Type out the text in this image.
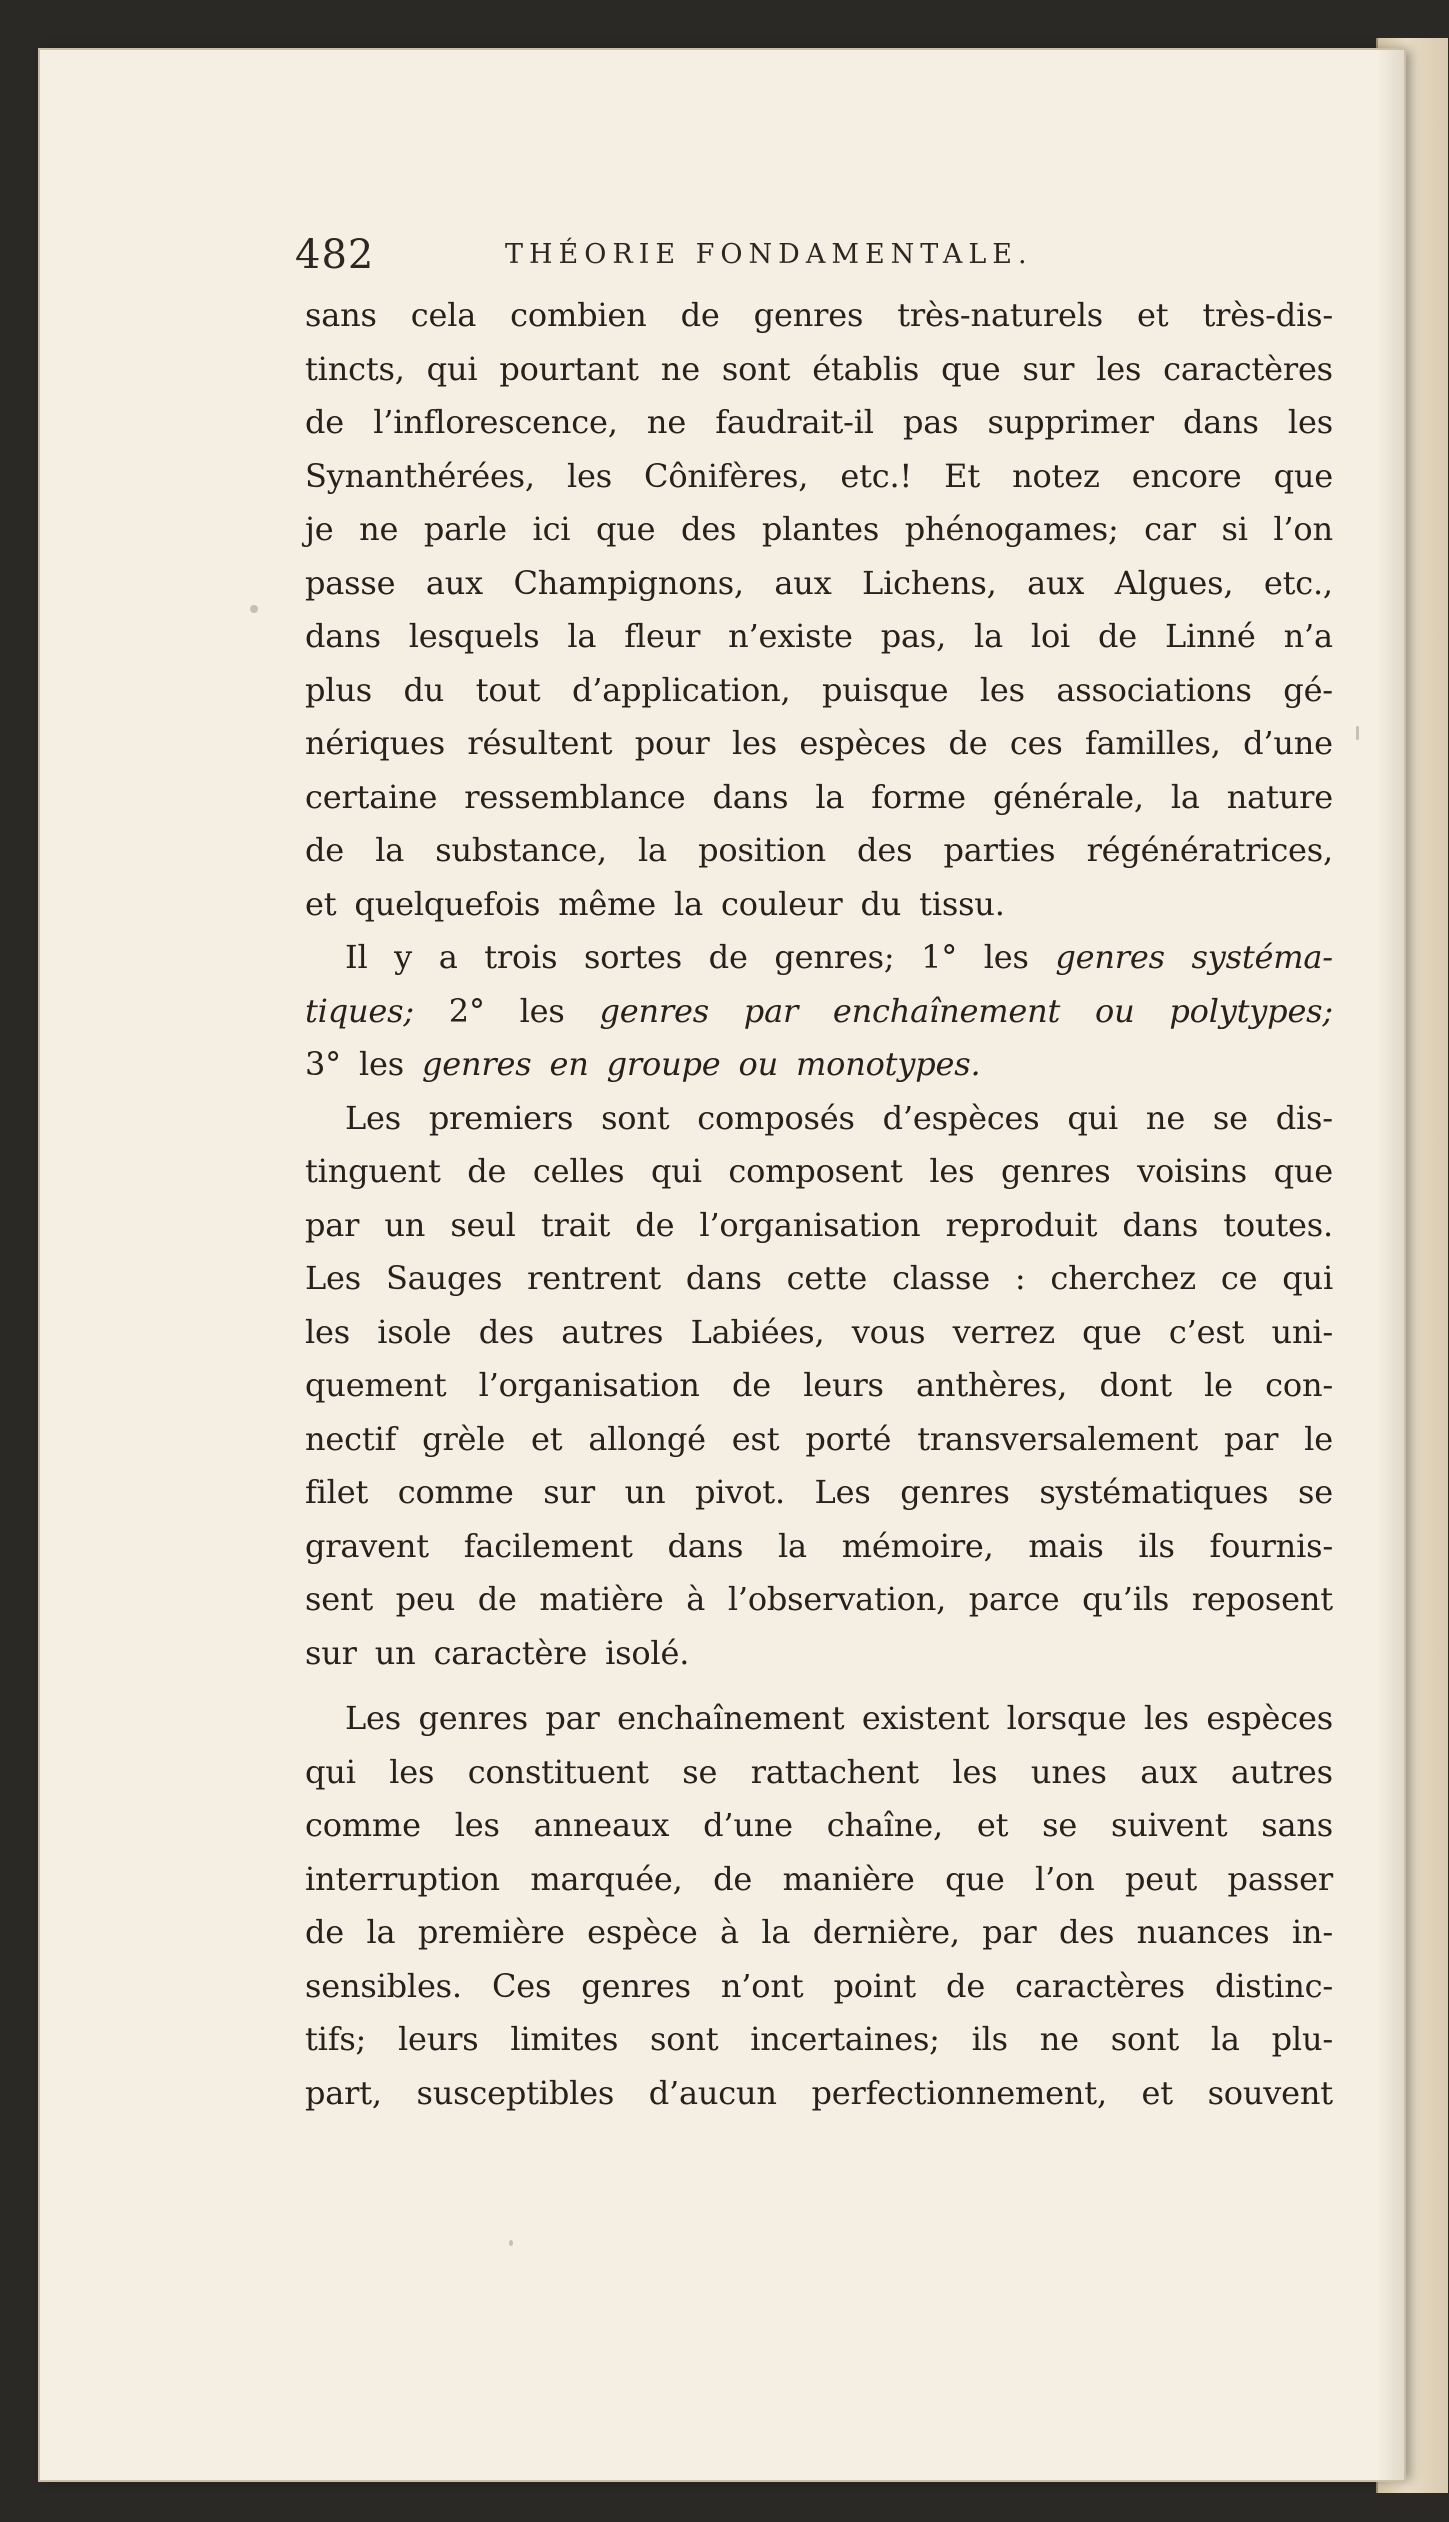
482	THÉORIE FONDAMENTALE.
sans cela combien de genres très-naturels et très-dis-
tincts, qui pourtant ne sont établis que sur les caractères
de l’inflorescence, ne faudrait-il pas supprimer dans les
Synanthérées, les Cônifères, etc.! Et notez encore que
je ne parle ici que des plantes phénogames; car si l’on
passe aux Champignons, aux Lichens, aux Algues, etc.,
dans lesquels la fleur n’existe pas, la loi de Linné n’a
plus du tout d’application, puisque les associations gé-
nériques résultent pour les espèces de ces familles, d’une
certaine ressemblance dans la forme générale, la nature
de la substance, la position des parties régénératrices,
et quelquefois même la couleur du tissu.
Il y a trois sortes de genres; 1° les genres systéma-
tiques; 2° les genres par enchaînement ou polytypes;
3° les genres en groupe ou monotypes.
Les premiers sont composés d’espèces qui ne se dis-
tinguent de celles qui composent les genres voisins que
par un seul trait de l’organisation reproduit dans toutes.
Les Sauges rentrent dans cette classe : cherchez ce qui
les isole des autres Labiées, vous verrez que c’est uni-
quement l’organisation de leurs anthères, dont le con-
nectif grèle et allongé est porté transversalement par le
filet comme sur un pivot. Les genres systématiques se
gravent facilement dans la mémoire, mais ils fournis-
sent peu de matière à l’observation, parce qu’ils reposent
sur un caractère isolé.
Les genres par enchaînement existent lorsque les espèces
qui les constituent se rattachent les unes aux autres
comme les anneaux d’une chaîne, et se suivent sans
interruption marquée, de manière que l’on peut passer
de la première espèce à la dernière, par des nuances in-
sensibles. Ces genres n’ont point de caractères distinc-
tifs; leurs limites sont incertaines; ils ne sont la plu-
part, susceptibles d’aucun perfectionnement, et souvent
